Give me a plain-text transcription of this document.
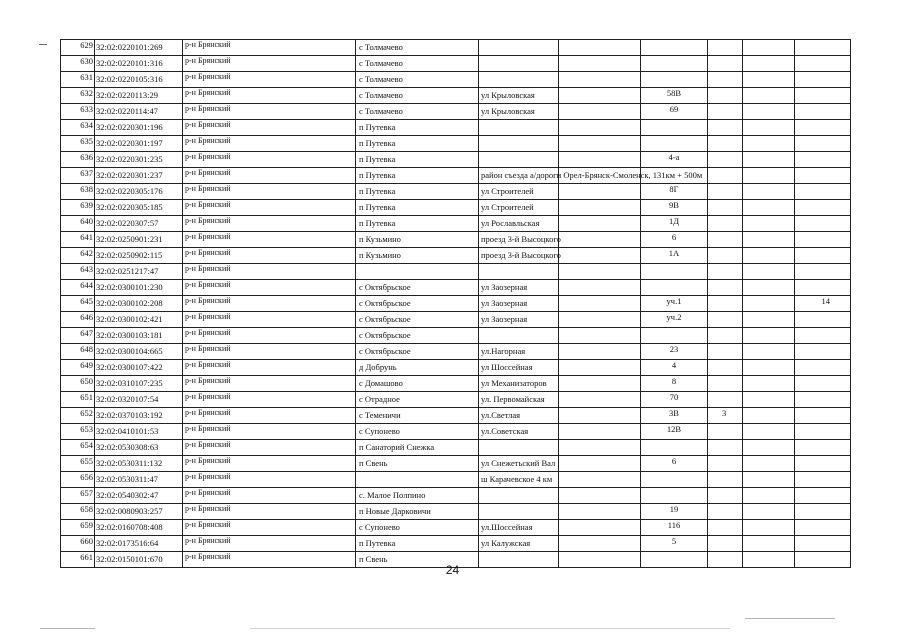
629	32:02:0220101:269	р-н Брянский	с Толмачево						
630	32:02:0220101:316	р-н Брянский	с Толмачево						
631	32:02:0220105:316	р-н Брянский	с Толмачево						
632	32:02:0220113:29	р-н Брянский	с Толмачево	ул Крыловская		58В			
633	32:02:0220114:47	р-н Брянский	с Толмачево	ул Крыловская		69			
634	32:02:0220301:196	р-н Брянский	п Путевка						
635	32:02:0220301:197	р-н Брянский	п Путевка						
636	32:02:0220301:235	р-н Брянский	п Путевка			4-а			
637	32:02:0220301:237	р-н Брянский	п Путевка	район съезда а/дороги Орел-Брянск-Смоленск, 131км + 500м					
638	32:02:0220305:176	р-н Брянский	п Путевка	ул Строителей		8Г			
639	32:02:0220305:185	р-н Брянский	п Путевка	ул Строителей		9В			
640	32:02:0220307:57	р-н Брянский	п Путевка	ул Рославльская		1Д			
641	32:02:0250901:231	р-н Брянский	п Кузьмино	проезд 3-й Высоцкого		6			
642	32:02:0250902:115	р-н Брянский	п Кузьмино	проезд 3-й Высоцкого		1А			
643	32:02:0251217:47	р-н Брянский							
644	32:02:0300101:230	р-н Брянский	с Октябрьское	ул Заозерная					
645	32:02:0300102:208	р-н Брянский	с Октябрьское	ул Заозерная		уч.1			14
646	32:02:0300102:421	р-н Брянский	с Октябрьское	ул Заозерная		уч.2			
647	32:02:0300103:181	р-н Брянский	с Октябрьское						
648	32:02:0300104:665	р-н Брянский	с Октябрьское	ул.Нагорная		23			
649	32:02:0300107:422	р-н Брянский	д Добрунь	ул Шоссейная		4			
650	32:02:0310107:235	р-н Брянский	с Домашово	ул Механизаторов		8			
651	32:02:0320107:54	р-н Брянский	с Отрадное	ул. Первомайская		70			
652	32:02:0370103:192	р-н Брянский	с Теменичи	ул.Светлая		3В	3		
653	32:02:0410101:53	р-н Брянский	с Супонево	ул.Советская		12В			
654	32:02:0530308:63	р-н Брянский	п Санаторий Снежка						
655	32:02:0530311:132	р-н Брянский	п Свень	ул Снежетьский Вал		6			
656	32:02:0530311:47	р-н Брянский		ш Карачевское 4 км					
657	32:02:0540302:47	р-н Брянский	с. Малое Полпино						
658	32:02:0080903:257	р-н Брянский	п Новые Дарковичи			19			
659	32:02:0160708:408	р-н Брянский	с Супонево	ул.Шоссейная		116			
660	32:02:0173516:64	р-н Брянский	п Путевка	ул Калужская		5			
661	32:02:0150101:670	р-н Брянский	п Свень						
24
